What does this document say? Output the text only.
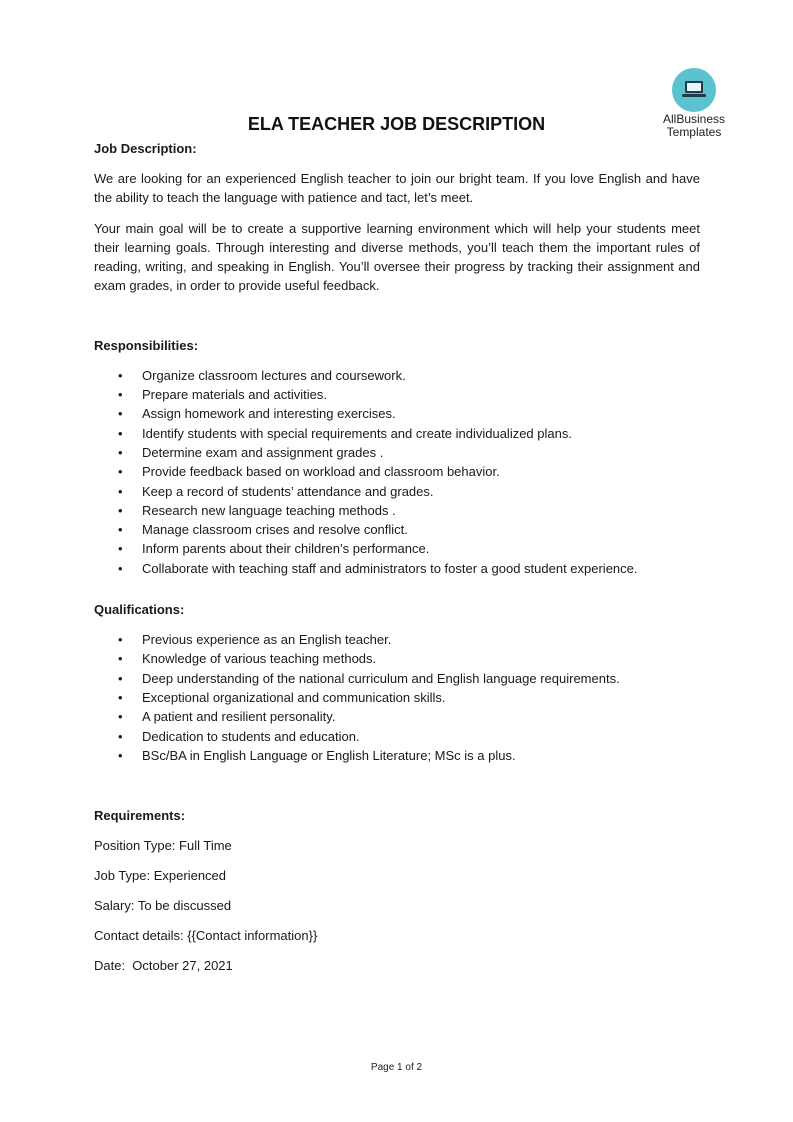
AllBusiness
Templates
ELA TEACHER JOB DESCRIPTION

Job Description:

We are looking for an experienced English teacher to join our bright team. If you love English and have the ability to teach the language with patience and tact, let’s meet.

Your main goal will be to create a supportive learning environment which will help your students meet their learning goals. Through interesting and diverse methods, you’ll teach them the important rules of reading, writing, and speaking in English. You’ll oversee their progress by tracking their assignment and exam grades, in order to provide useful feedback.

Responsibilities:

• Organize classroom lectures and coursework.
• Prepare materials and activities.
• Assign homework and interesting exercises.
• Identify students with special requirements and create individualized plans.
• Determine exam and assignment grades .
• Provide feedback based on workload and classroom behavior.
• Keep a record of students’ attendance and grades.
• Research new language teaching methods .
• Manage classroom crises and resolve conflict.
• Inform parents about their children’s performance.
• Collaborate with teaching staff and administrators to foster a good student experience.

Qualifications:

• Previous experience as an English teacher.
• Knowledge of various teaching methods.
• Deep understanding of the national curriculum and English language requirements.
• Exceptional organizational and communication skills.
• A patient and resilient personality.
• Dedication to students and education.
• BSc/BA in English Language or English Literature; MSc is a plus.

Requirements:

Position Type: Full Time

Job Type: Experienced

Salary: To be discussed

Contact details: {{Contact information}}

Date:  October 27, 2021

Page 1 of 2
